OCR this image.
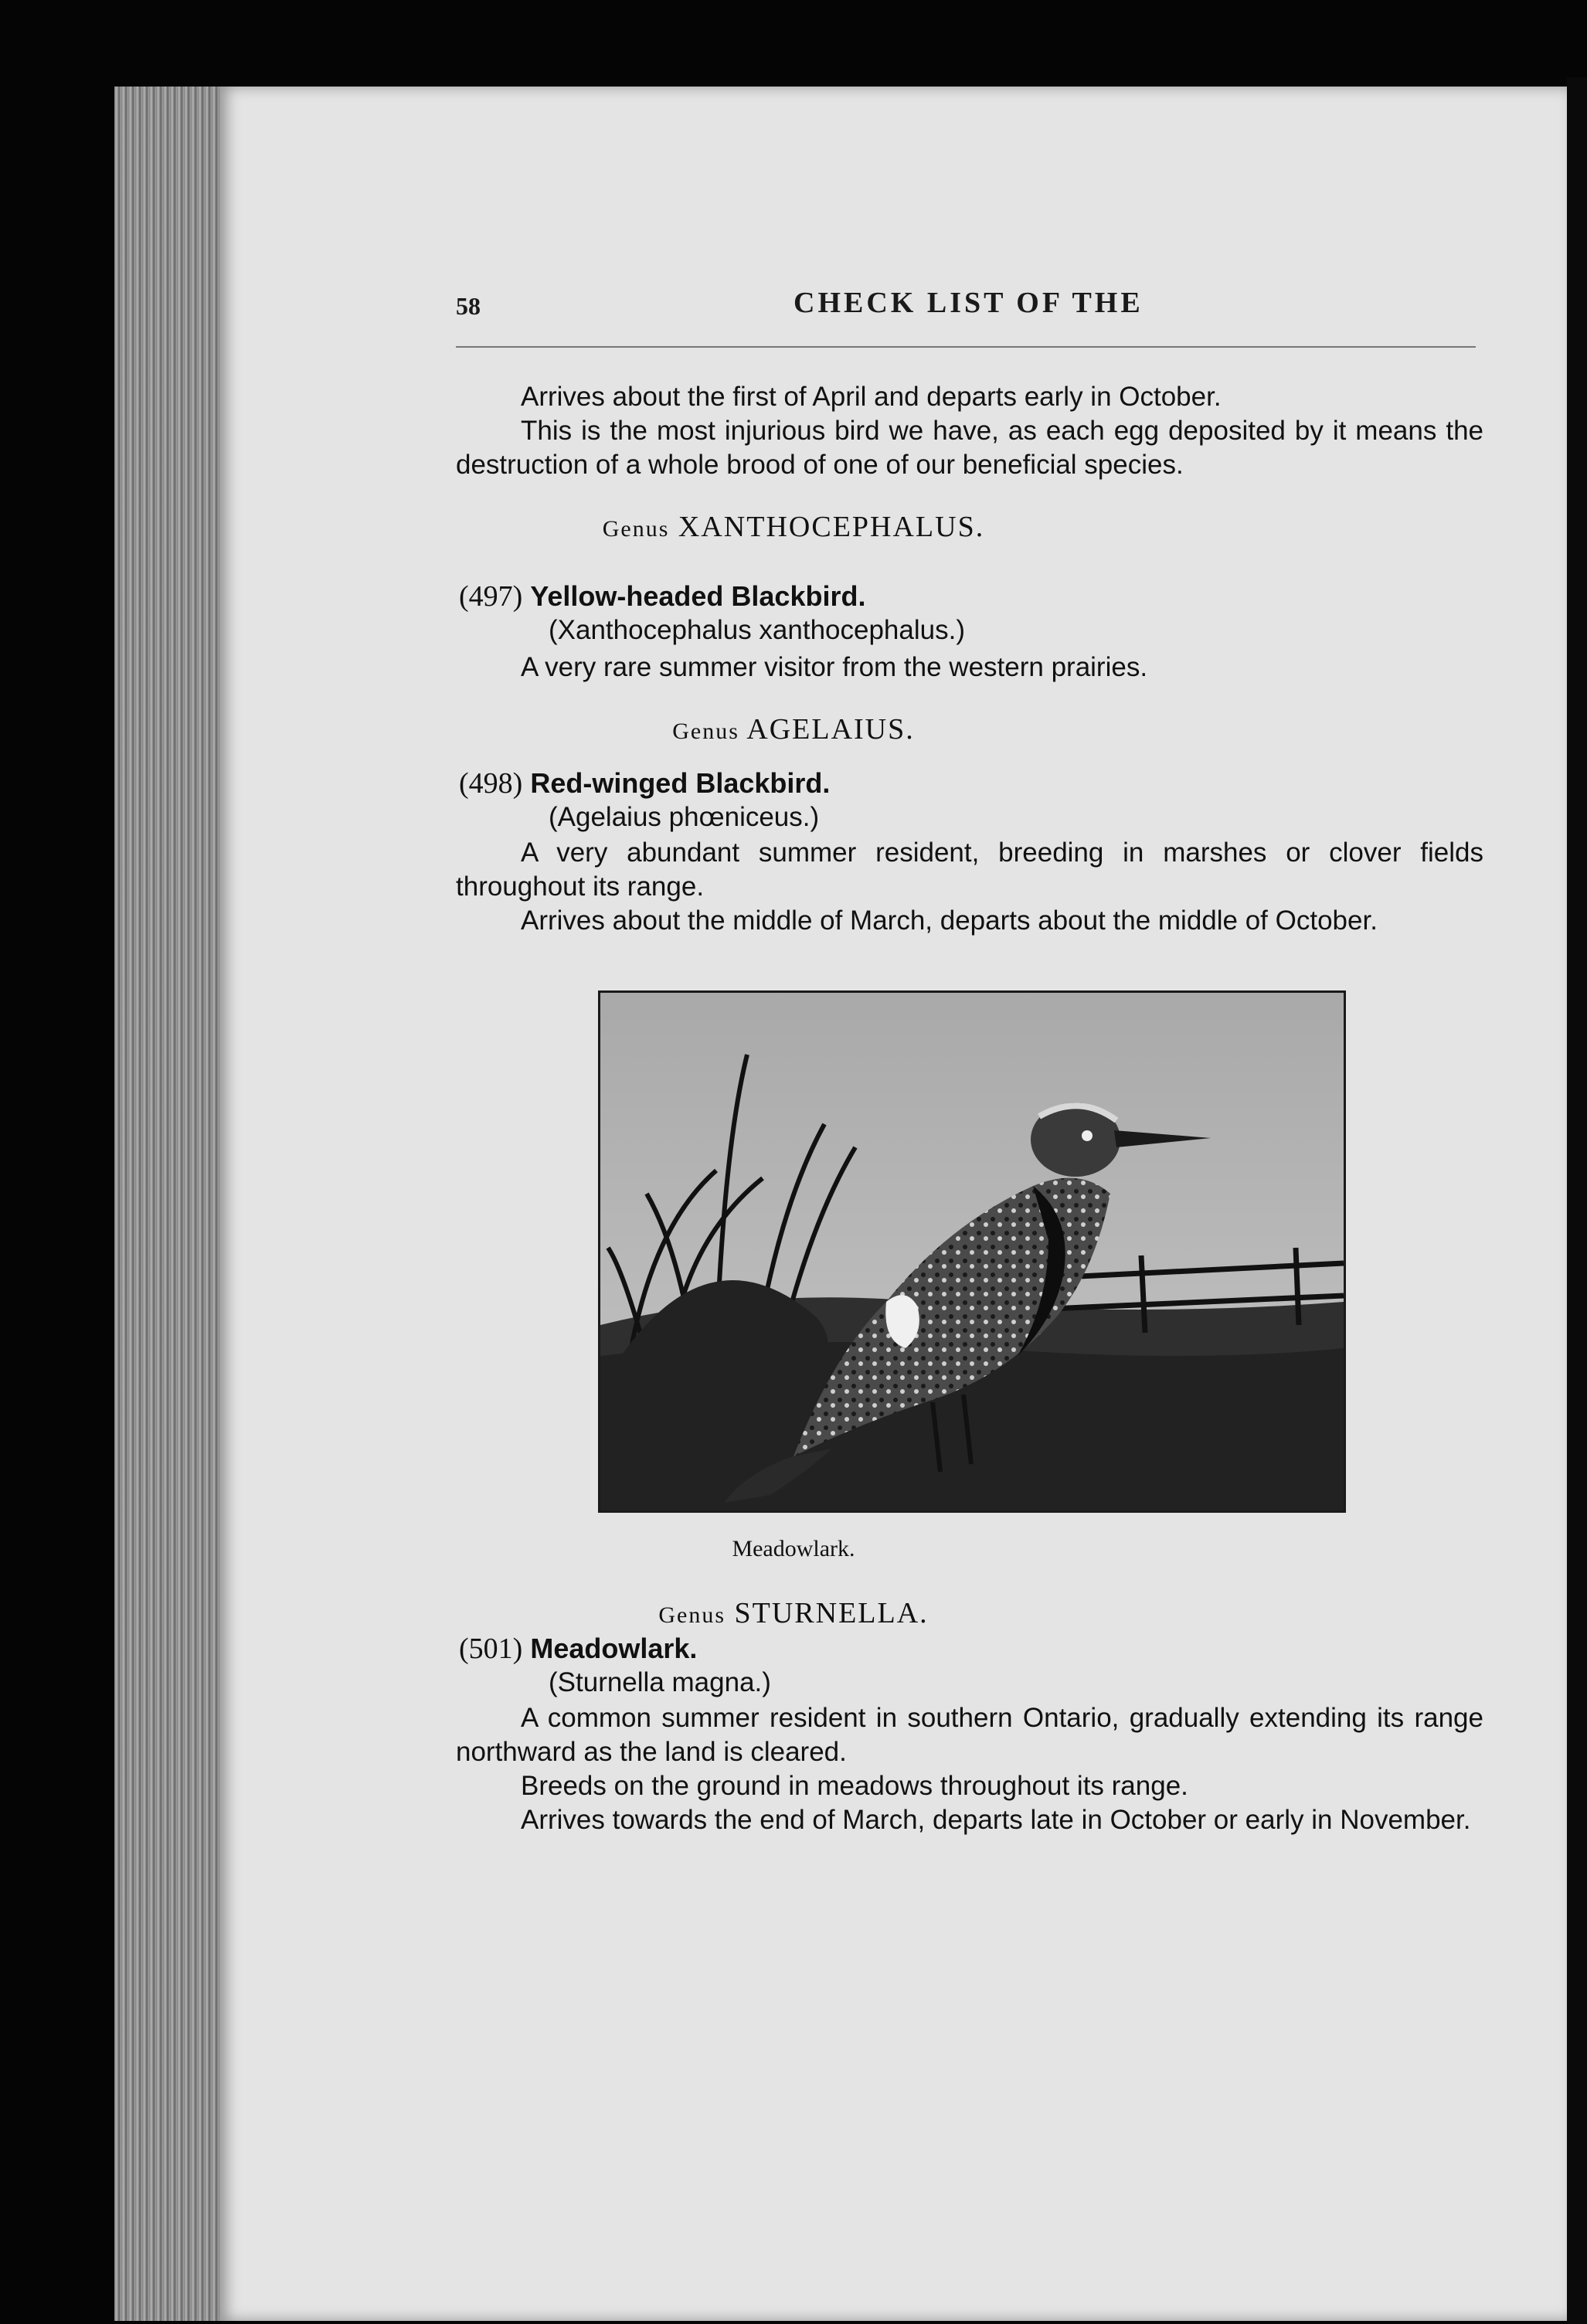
58	CHECK LIST OF THE
Arrives about the first of April and departs early in October.
This is the most injurious bird we have, as each egg deposited by it means the destruction of a whole brood of one of our beneficial species.
Genus XANTHOCEPHALUS.
(497) Yellow-headed Blackbird.
(Xanthocephalus xanthocephalus.)
A very rare summer visitor from the western prairies.
Genus AGELAIUS.
(498) Red-winged Blackbird.
(Agelaius phœniceus.)
A very abundant summer resident, breeding in marshes or clover fields throughout its range.
Arrives about the middle of March, departs about the middle of October.
Meadowlark.
Genus STURNELLA.
(501) Meadowlark.
(Sturnella magna.)
A common summer resident in southern Ontario, gradually extending its range northward as the land is cleared.
Breeds on the ground in meadows throughout its range.
Arrives towards the end of March, departs late in October or early in November.
